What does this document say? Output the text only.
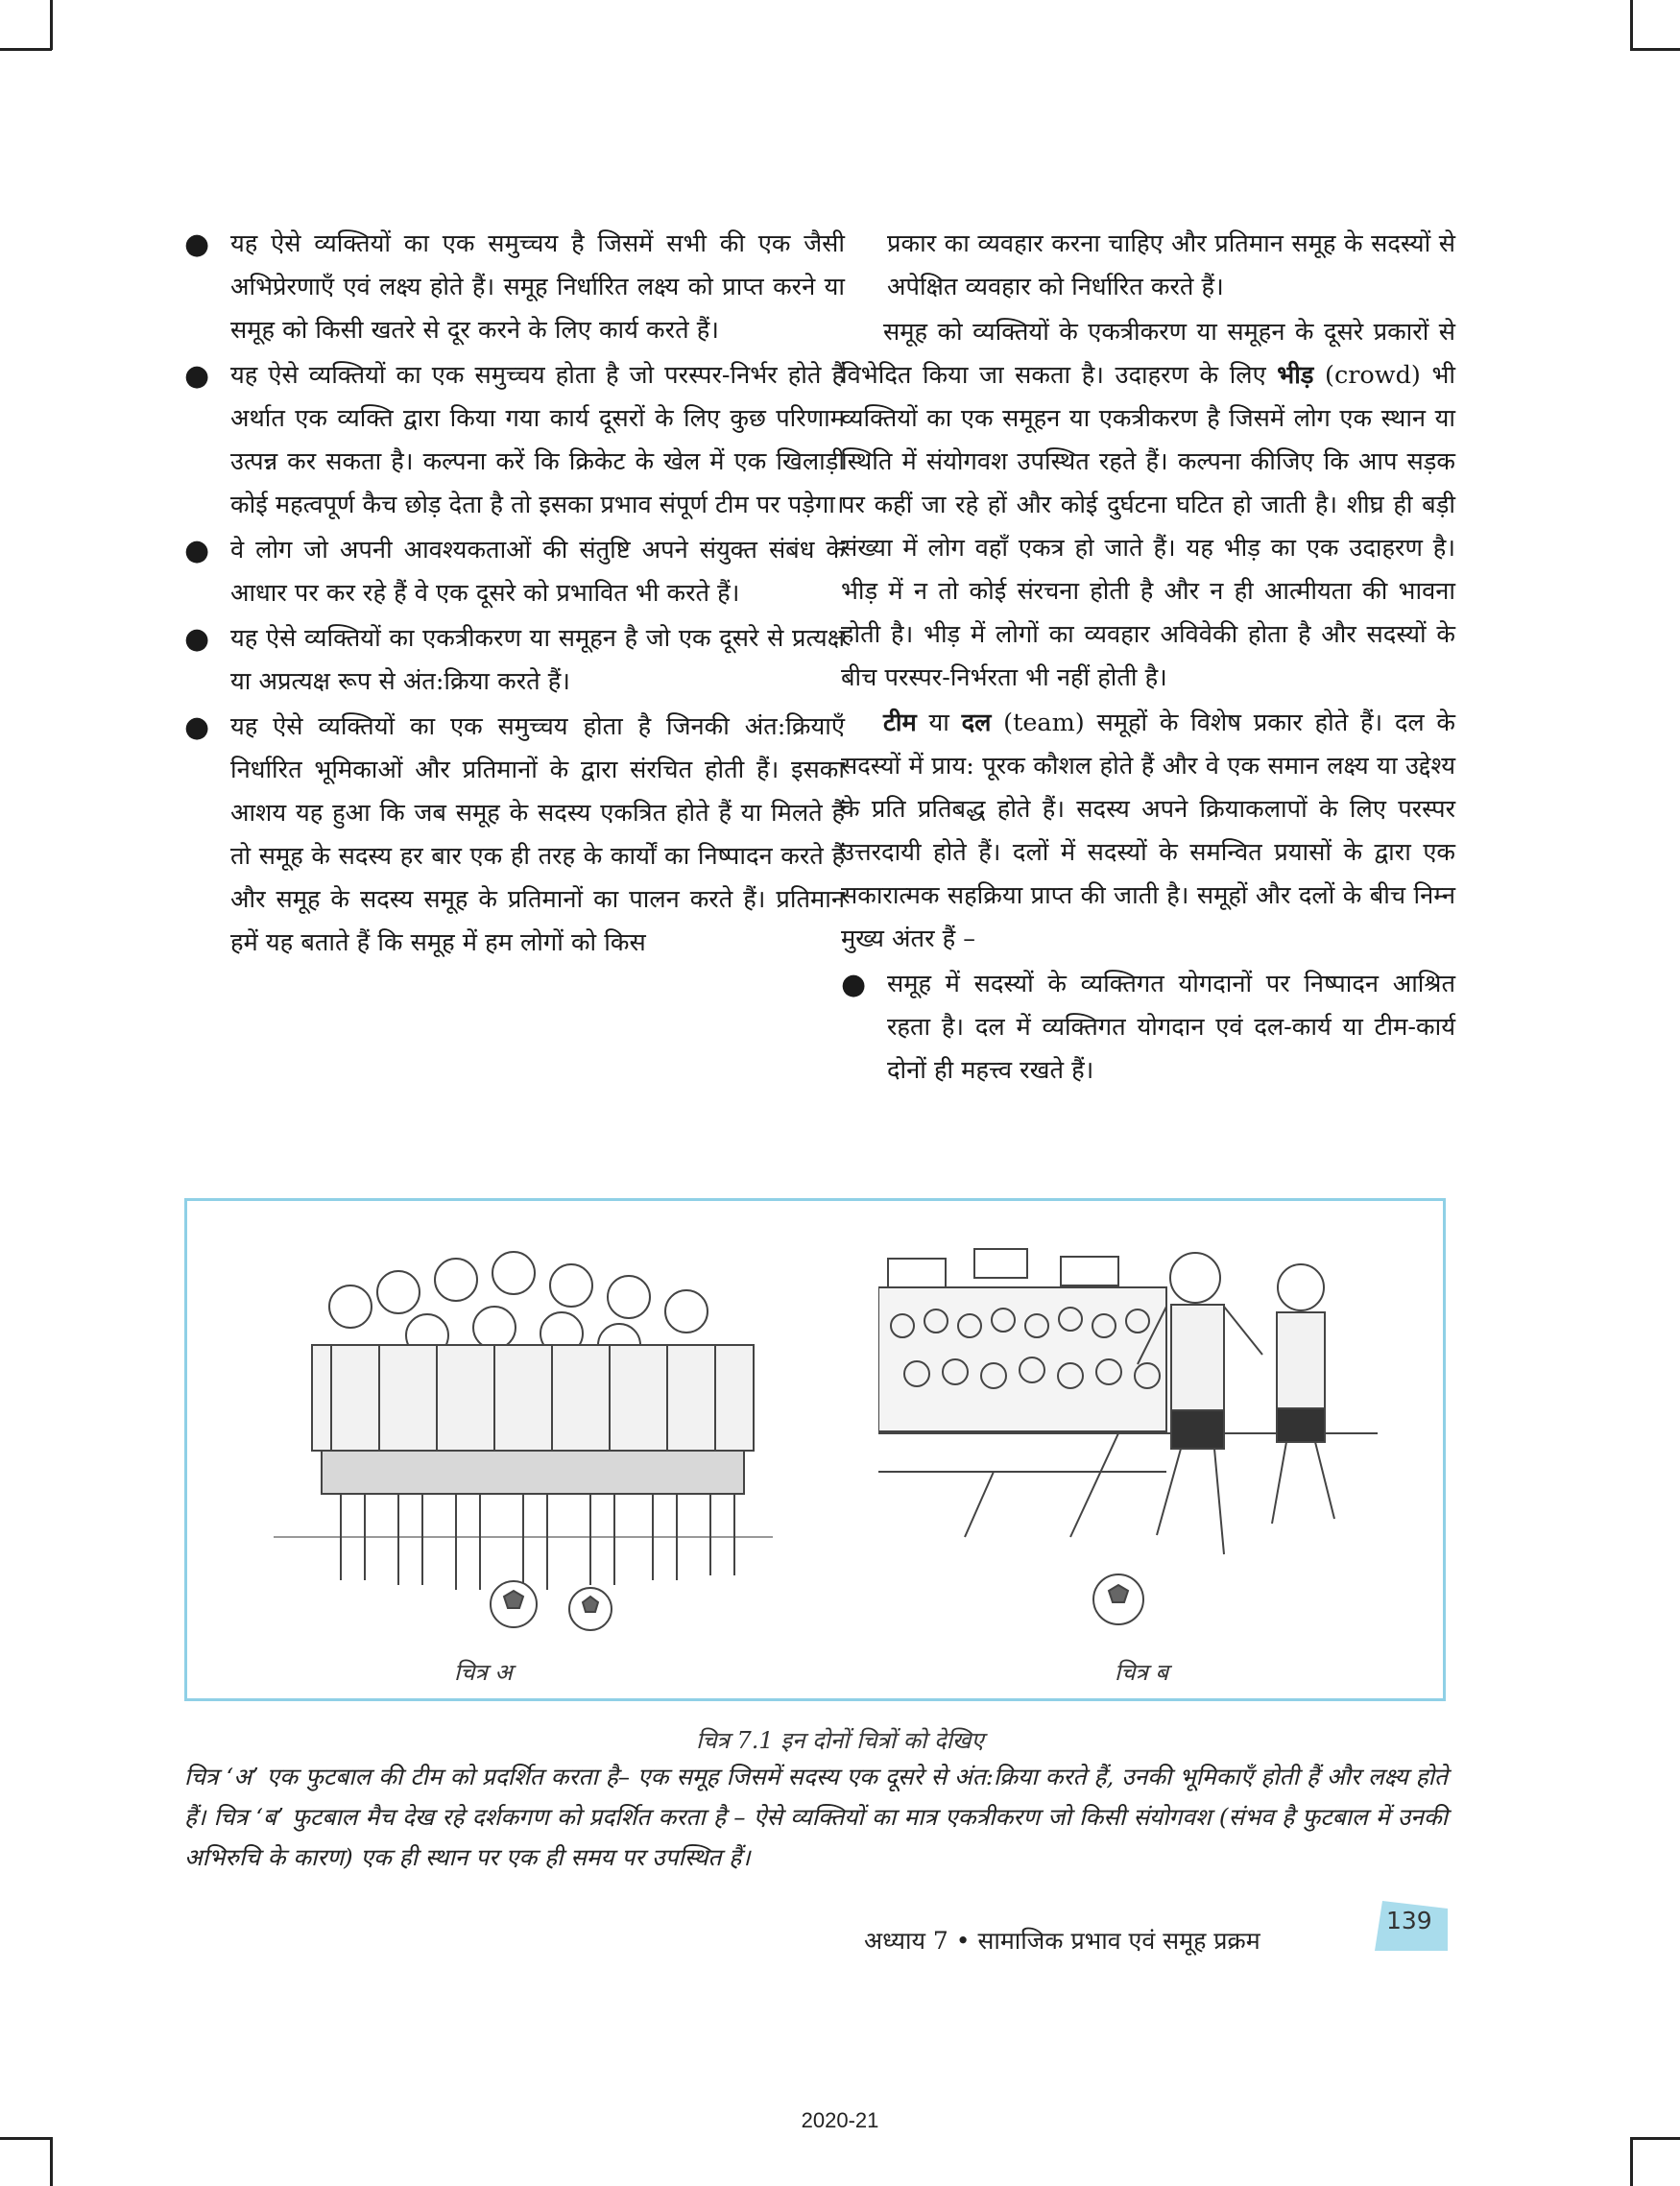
● यह ऐसे व्यक्तियों का एक समुच्चय है जिसमें सभी की एक जैसी अभिप्रेरणाएँ एवं लक्ष्य होते हैं। समूह निर्धारित लक्ष्य को प्राप्त करने या समूह को किसी खतरे से दूर करने के लिए कार्य करते हैं।
● यह ऐसे व्यक्तियों का एक समुच्चय होता है जो परस्पर-निर्भर होते हैं अर्थात एक व्यक्ति द्वारा किया गया कार्य दूसरों के लिए कुछ परिणाम उत्पन्न कर सकता है। कल्पना करें कि क्रिकेट के खेल में एक खिलाड़ी कोई महत्वपूर्ण कैच छोड़ देता है तो इसका प्रभाव संपूर्ण टीम पर पड़ेगा।
● वे लोग जो अपनी आवश्यकताओं की संतुष्टि अपने संयुक्त संबंध के आधार पर कर रहे हैं वे एक दूसरे को प्रभावित भी करते हैं।
● यह ऐसे व्यक्तियों का एकत्रीकरण या समूहन है जो एक दूसरे से प्रत्यक्ष या अप्रत्यक्ष रूप से अंत:क्रिया करते हैं।
● यह ऐसे व्यक्तियों का एक समुच्चय होता है जिनकी अंत:क्रियाएँ निर्धारित भूमिकाओं और प्रतिमानों के द्वारा संरचित होती हैं। इसका आशय यह हुआ कि जब समूह के सदस्य एकत्रित होते हैं या मिलते हैं तो समूह के सदस्य हर बार एक ही तरह के कार्यों का निष्पादन करते हैं और समूह के सदस्य समूह के प्रतिमानों का पालन करते हैं। प्रतिमान हमें यह बताते हैं कि समूह में हम लोगों को किस

प्रकार का व्यवहार करना चाहिए और प्रतिमान समूह के सदस्यों से अपेक्षित व्यवहार को निर्धारित करते हैं।

समूह को व्यक्तियों के एकत्रीकरण या समूहन के दूसरे प्रकारों से विभेदित किया जा सकता है। उदाहरण के लिए भीड़ (crowd) भी व्यक्तियों का एक समूहन या एकत्रीकरण है जिसमें लोग एक स्थान या स्थिति में संयोगवश उपस्थित रहते हैं। कल्पना कीजिए कि आप सड़क पर कहीं जा रहे हों और कोई दुर्घटना घटित हो जाती है। शीघ्र ही बड़ी संख्या में लोग वहाँ एकत्र हो जाते हैं। यह भीड़ का एक उदाहरण है। भीड़ में न तो कोई संरचना होती है और न ही आत्मीयता की भावना होती है। भीड़ में लोगों का व्यवहार अविवेकी होता है और सदस्यों के बीच परस्पर-निर्भरता भी नहीं होती है।

टीम या दल (team) समूहों के विशेष प्रकार होते हैं। दल के सदस्यों में प्राय: पूरक कौशल होते हैं और वे एक समान लक्ष्य या उद्देश्य के प्रति प्रतिबद्ध होते हैं। सदस्य अपने क्रियाकलापों के लिए परस्पर उत्तरदायी होते हैं। दलों में सदस्यों के समन्वित प्रयासों के द्वारा एक सकारात्मक सहक्रिया प्राप्त की जाती है। समूहों और दलों के बीच निम्न मुख्य अंतर हैं –

● समूह में सदस्यों के व्यक्तिगत योगदानों पर निष्पादन आश्रित रहता है। दल में व्यक्तिगत योगदान एवं दल-कार्य या टीम-कार्य दोनों ही महत्त्व रखते हैं।
चित्र अ	चित्र ब
चित्र 7.1 इन दोनों चित्रों को देखिए
चित्र ‘अ’ एक फुटबाल की टीम को प्रदर्शित करता है– एक समूह जिसमें सदस्य एक दूसरे से अंत:क्रिया करते हैं, उनकी भूमिकाएँ होती हैं और लक्ष्य होते हैं। चित्र ‘ब’ फुटबाल मैच देख रहे दर्शकगण को प्रदर्शित करता है – ऐसे व्यक्तियों का मात्र एकत्रीकरण जो किसी संयोगवश (संभव है फुटबाल में उनकी अभिरुचि के कारण) एक ही स्थान पर एक ही समय पर उपस्थित हैं।
अध्याय 7 • सामाजिक प्रभाव एवं समूह प्रक्रम
139
2020-21
